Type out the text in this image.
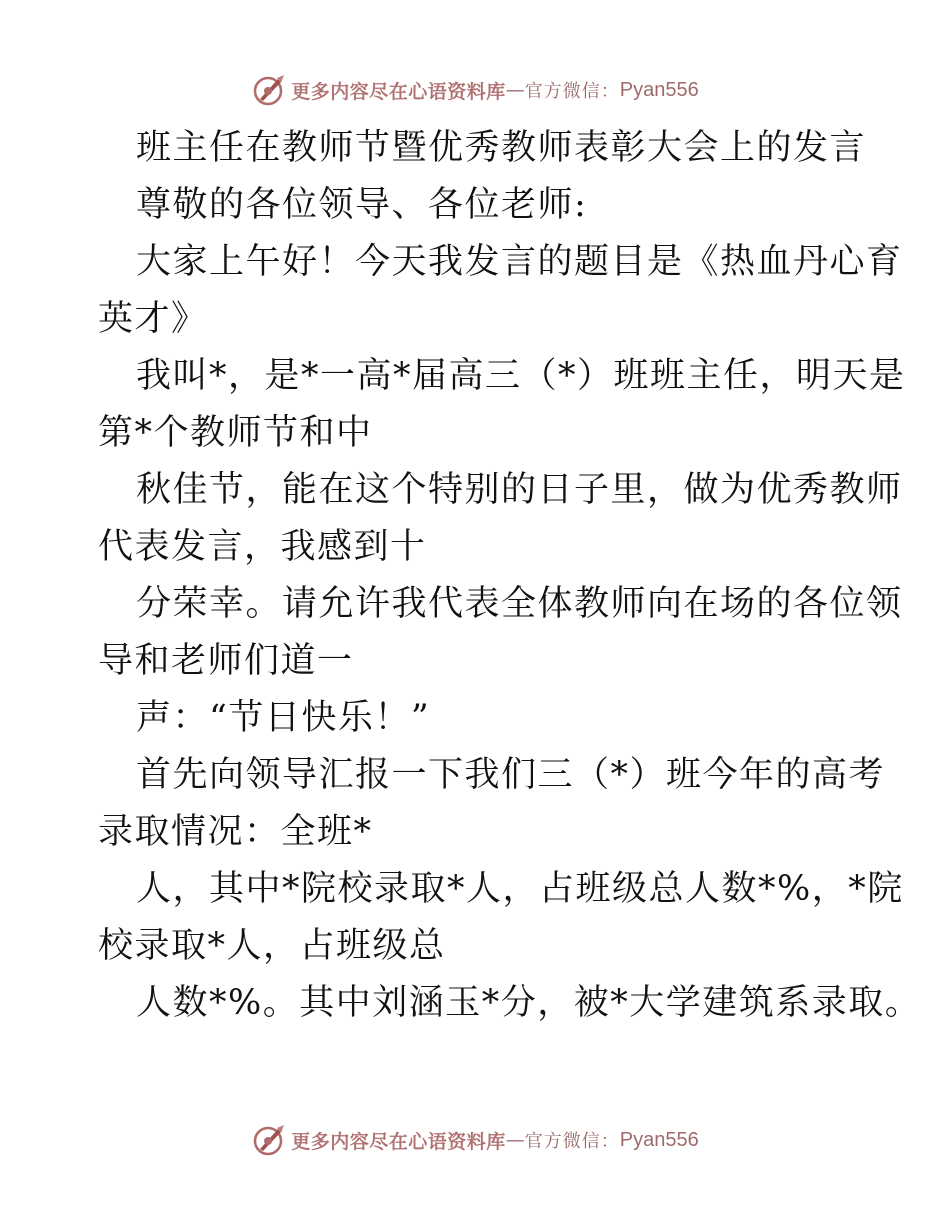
更多内容尽在心语资料库 — 官方微信： Pyan556
班主任在教师节暨优秀教师表彰大会上的发言
尊敬的各位领导、各位老师:
大家上午好！今天我发言的题目是《热血丹心育
英才》
我叫*，是*一高*届高三（*）班班主任，明天是
第*个教师节和中
秋佳节，能在这个特别的日子里，做为优秀教师
代表发言，我感到十
分荣幸。请允许我代表全体教师向在场的各位领
导和老师们道一
声：“节日快乐！”
首先向领导汇报一下我们三（*）班今年的高考
录取情况：全班*
人，其中*院校录取*人，占班级总人数*%，*院
校录取*人，占班级总
人数*%。其中刘涵玉*分，被*大学建筑系录取。
更多内容尽在心语资料库 — 官方微信： Pyan556
